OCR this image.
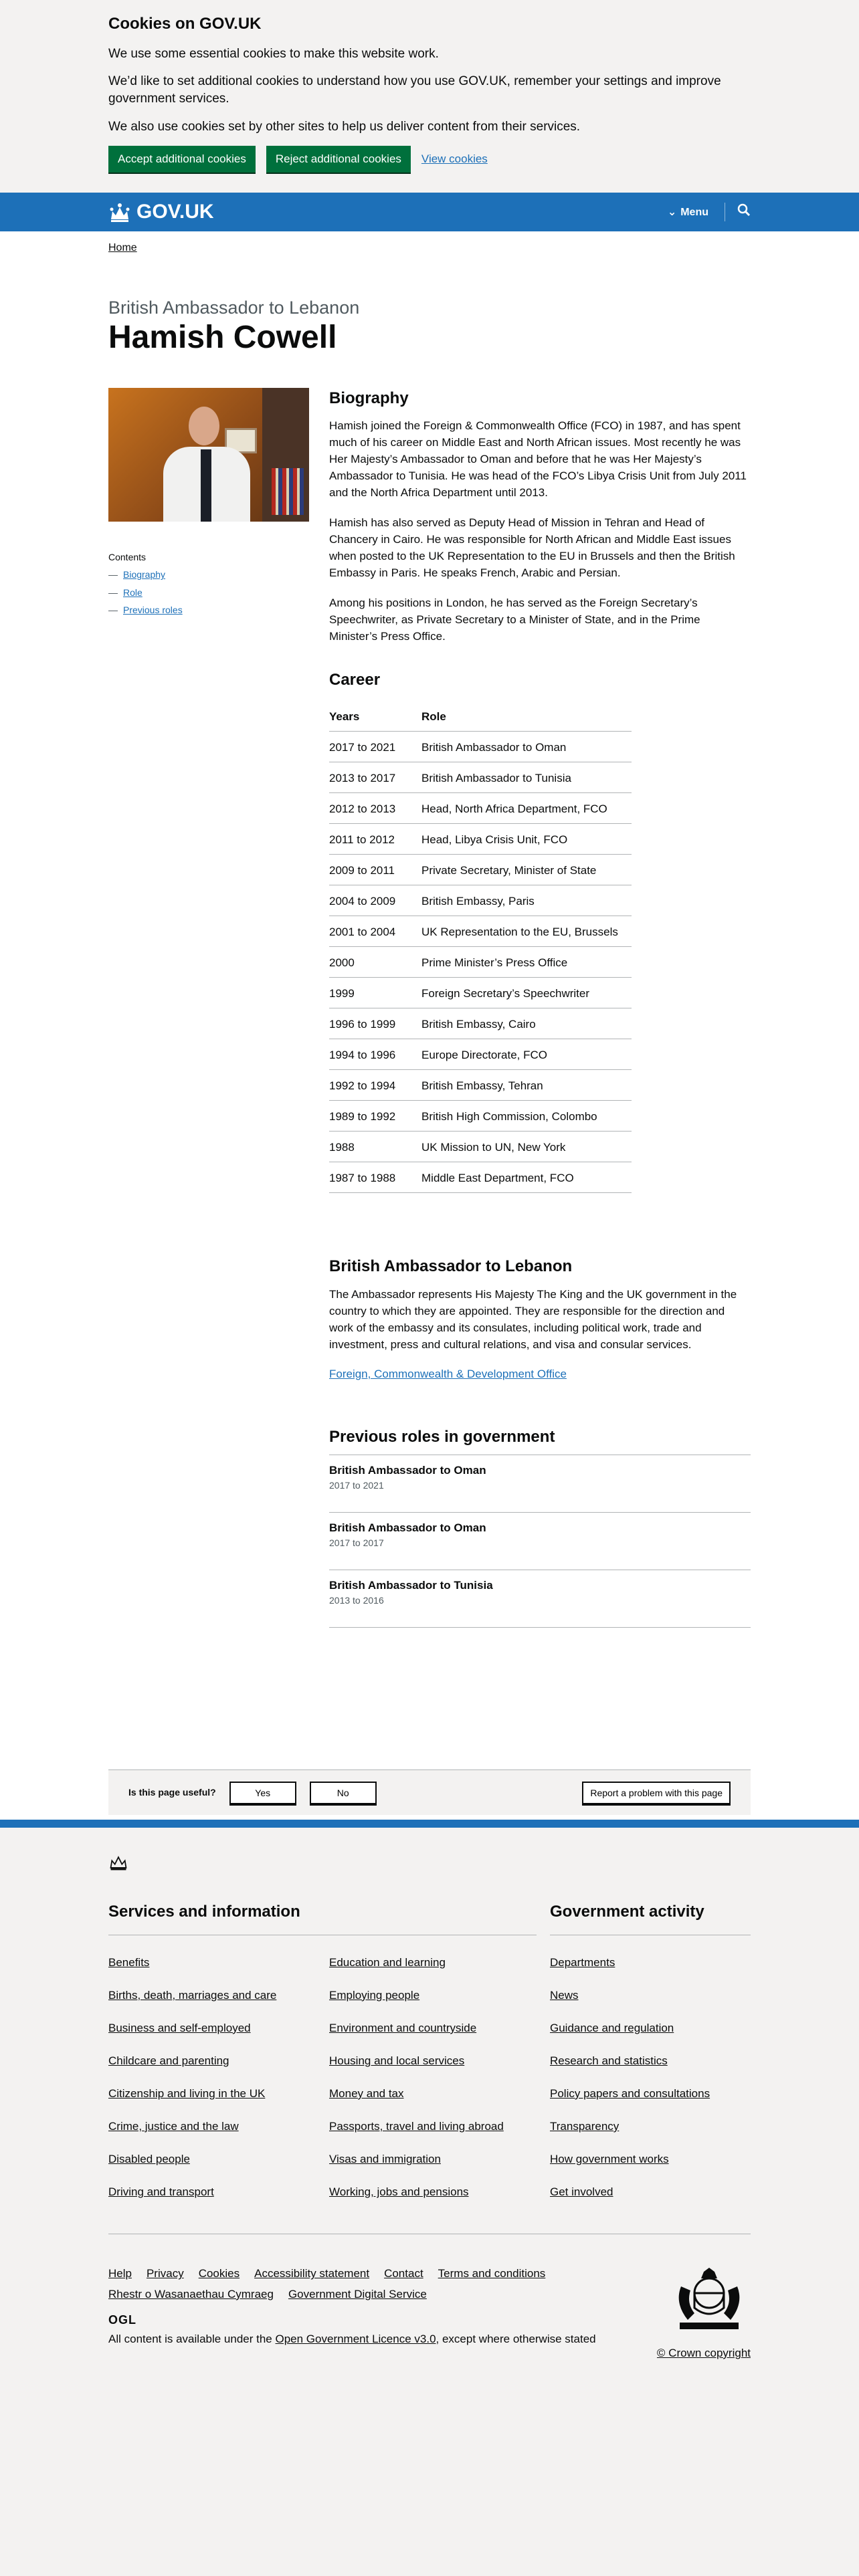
Cookies on GOV.UK

We use some essential cookies to make this website work.

We’d like to set additional cookies to understand how you use GOV.UK, remember your settings and improve government services.

We also use cookies set by other sites to help us deliver content from their services.

Accept additional cookies	Reject additional cookies	View cookies
GOV.UK	⌄ Menu
Home
British Ambassador to Lebanon
Hamish Cowell
Contents
— Biography
— Role
— Previous roles
Biography

Hamish joined the Foreign & Commonwealth Office (FCO) in 1987, and has spent much of his career on Middle East and North African issues. Most recently he was Her Majesty’s Ambassador to Oman and before that he was Her Majesty’s Ambassador to Tunisia. He was head of the FCO’s Libya Crisis Unit from July 2011 and the North Africa Department until 2013.

Hamish has also served as Deputy Head of Mission in Tehran and Head of Chancery in Cairo. He was responsible for North African and Middle East issues when posted to the UK Representation to the EU in Brussels and then the British Embassy in Paris. He speaks French, Arabic and Persian.

Among his positions in London, he has served as the Foreign Secretary’s Speechwriter, as Private Secretary to a Minister of State, and in the Prime Minister’s Press Office.

Career
Years	Role
2017 to 2021	British Ambassador to Oman
2013 to 2017	British Ambassador to Tunisia
2012 to 2013	Head, North Africa Department, FCO
2011 to 2012	Head, Libya Crisis Unit, FCO
2009 to 2011	Private Secretary, Minister of State
2004 to 2009	British Embassy, Paris
2001 to 2004	UK Representation to the EU, Brussels
2000	Prime Minister’s Press Office
1999	Foreign Secretary’s Speechwriter
1996 to 1999	British Embassy, Cairo
1994 to 1996	Europe Directorate, FCO
1992 to 1994	British Embassy, Tehran
1989 to 1992	British High Commission, Colombo
1988	UK Mission to UN, New York
1987 to 1988	Middle East Department, FCO
British Ambassador to Lebanon

The Ambassador represents His Majesty The King and the UK government in the country to which they are appointed. They are responsible for the direction and work of the embassy and its consulates, including political work, trade and investment, press and cultural relations, and visa and consular services.

Foreign, Commonwealth & Development Office
Previous roles in government
British Ambassador to Oman
2017 to 2021
British Ambassador to Oman
2017 to 2017
British Ambassador to Tunisia
2013 to 2016
Is this page useful?	Yes	No	Report a problem with this page
Services and information
Benefits	Education and learning
Births, death, marriages and care	Employing people
Business and self-employed	Environment and countryside
Childcare and parenting	Housing and local services
Citizenship and living in the UK	Money and tax
Crime, justice and the law	Passports, travel and living abroad
Disabled people	Visas and immigration
Driving and transport	Working, jobs and pensions
Government activity
Departments
News
Guidance and regulation
Research and statistics
Policy papers and consultations
Transparency
How government works
Get involved
Help Privacy Cookies Accessibility statement Contact Terms and conditions
Rhestr o Wasanaethau Cymraeg Government Digital Service
OGL
All content is available under the Open Government Licence v3.0, except where otherwise stated
© Crown copyright
